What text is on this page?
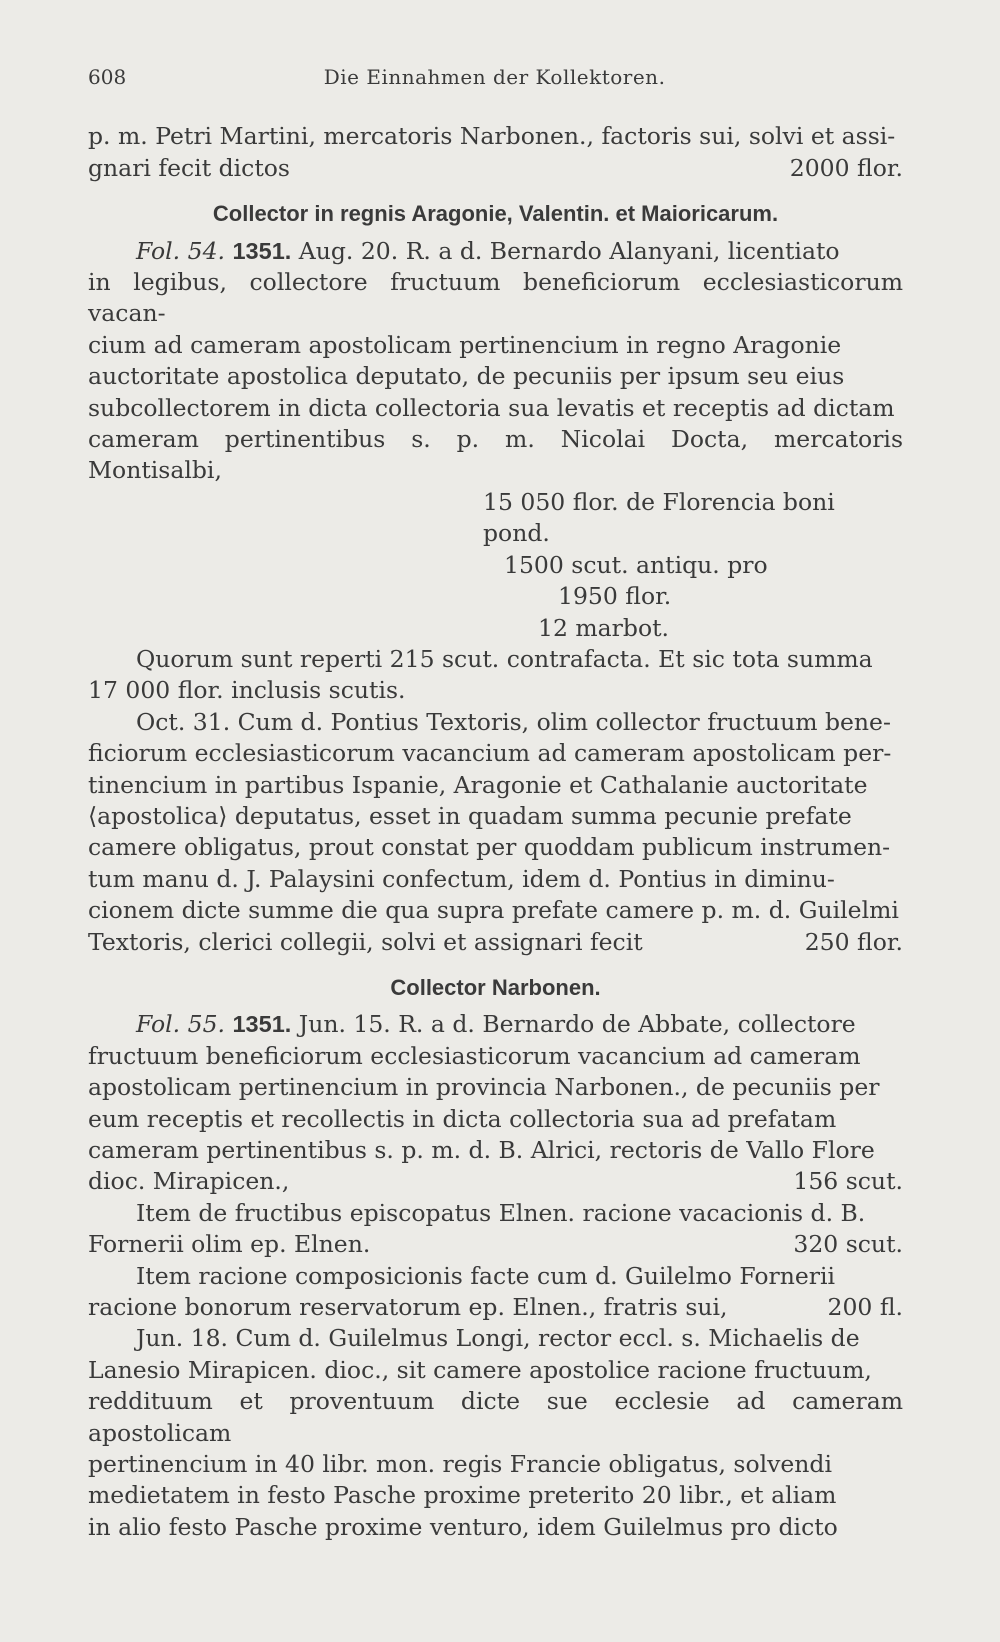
608	Die Einnahmen der Kollektoren.

p. m. Petri Martini, mercatoris Narbonen., factoris sui, solvi et assi-

gnari fecit dictos	2000 flor.
Collector in regnis Aragonie, Valentin. et Maioricarum.

Fol. 54. 1351. Aug. 20. R. a d. Bernardo Alanyani, licentiato

in legibus, collectore fructuum beneficiorum ecclesiasticorum vacan-

cium ad cameram apostolicam pertinencium in regno Aragonie

auctoritate apostolica deputato, de pecuniis per ipsum seu eius

subcollectorem in dicta collectoria sua levatis et receptis ad dictam

cameram pertinentibus s. p. m. Nicolai Docta, mercatoris Montisalbi,

15 050 flor. de Florencia boni pond.
1500 scut. antiqu. pro
1950 flor.
12 marbot.

Quorum sunt reperti 215 scut. contrafacta. Et sic tota summa

17 000 flor. inclusis scutis.

Oct. 31. Cum d. Pontius Textoris, olim collector fructuum bene-

ficiorum ecclesiasticorum vacancium ad cameram apostolicam per-

tinencium in partibus Ispanie, Aragonie et Cathalanie auctoritate

⟨apostolica⟩ deputatus, esset in quadam summa pecunie prefate

camere obligatus, prout constat per quoddam publicum instrumen-

tum manu d. J. Palaysini confectum, idem d. Pontius in diminu-

cionem dicte summe die qua supra prefate camere p. m. d. Guilelmi

Textoris, clerici collegii, solvi et assignari fecit	250 flor.
Collector Narbonen.

Fol. 55. 1351. Jun. 15. R. a d. Bernardo de Abbate, collectore

fructuum beneficiorum ecclesiasticorum vacancium ad cameram

apostolicam pertinencium in provincia Narbonen., de pecuniis per

eum receptis et recollectis in dicta collectoria sua ad prefatam

cameram pertinentibus s. p. m. d. B. Alrici, rectoris de Vallo Flore

dioc. Mirapicen.,	156 scut.

Item de fructibus episcopatus Elnen. racione vacacionis d. B.

Fornerii olim ep. Elnen.	320 scut.

Item racione composicionis facte cum d. Guilelmo Fornerii

racione bonorum reservatorum ep. Elnen., fratris sui,	200 fl.

Jun. 18. Cum d. Guilelmus Longi, rector eccl. s. Michaelis de

Lanesio Mirapicen. dioc., sit camere apostolice racione fructuum,

reddituum et proventuum dicte sue ecclesie ad cameram apostolicam

pertinencium in 40 libr. mon. regis Francie obligatus, solvendi

medietatem in festo Pasche proxime preterito 20 libr., et aliam

in alio festo Pasche proxime venturo, idem Guilelmus pro dicto
